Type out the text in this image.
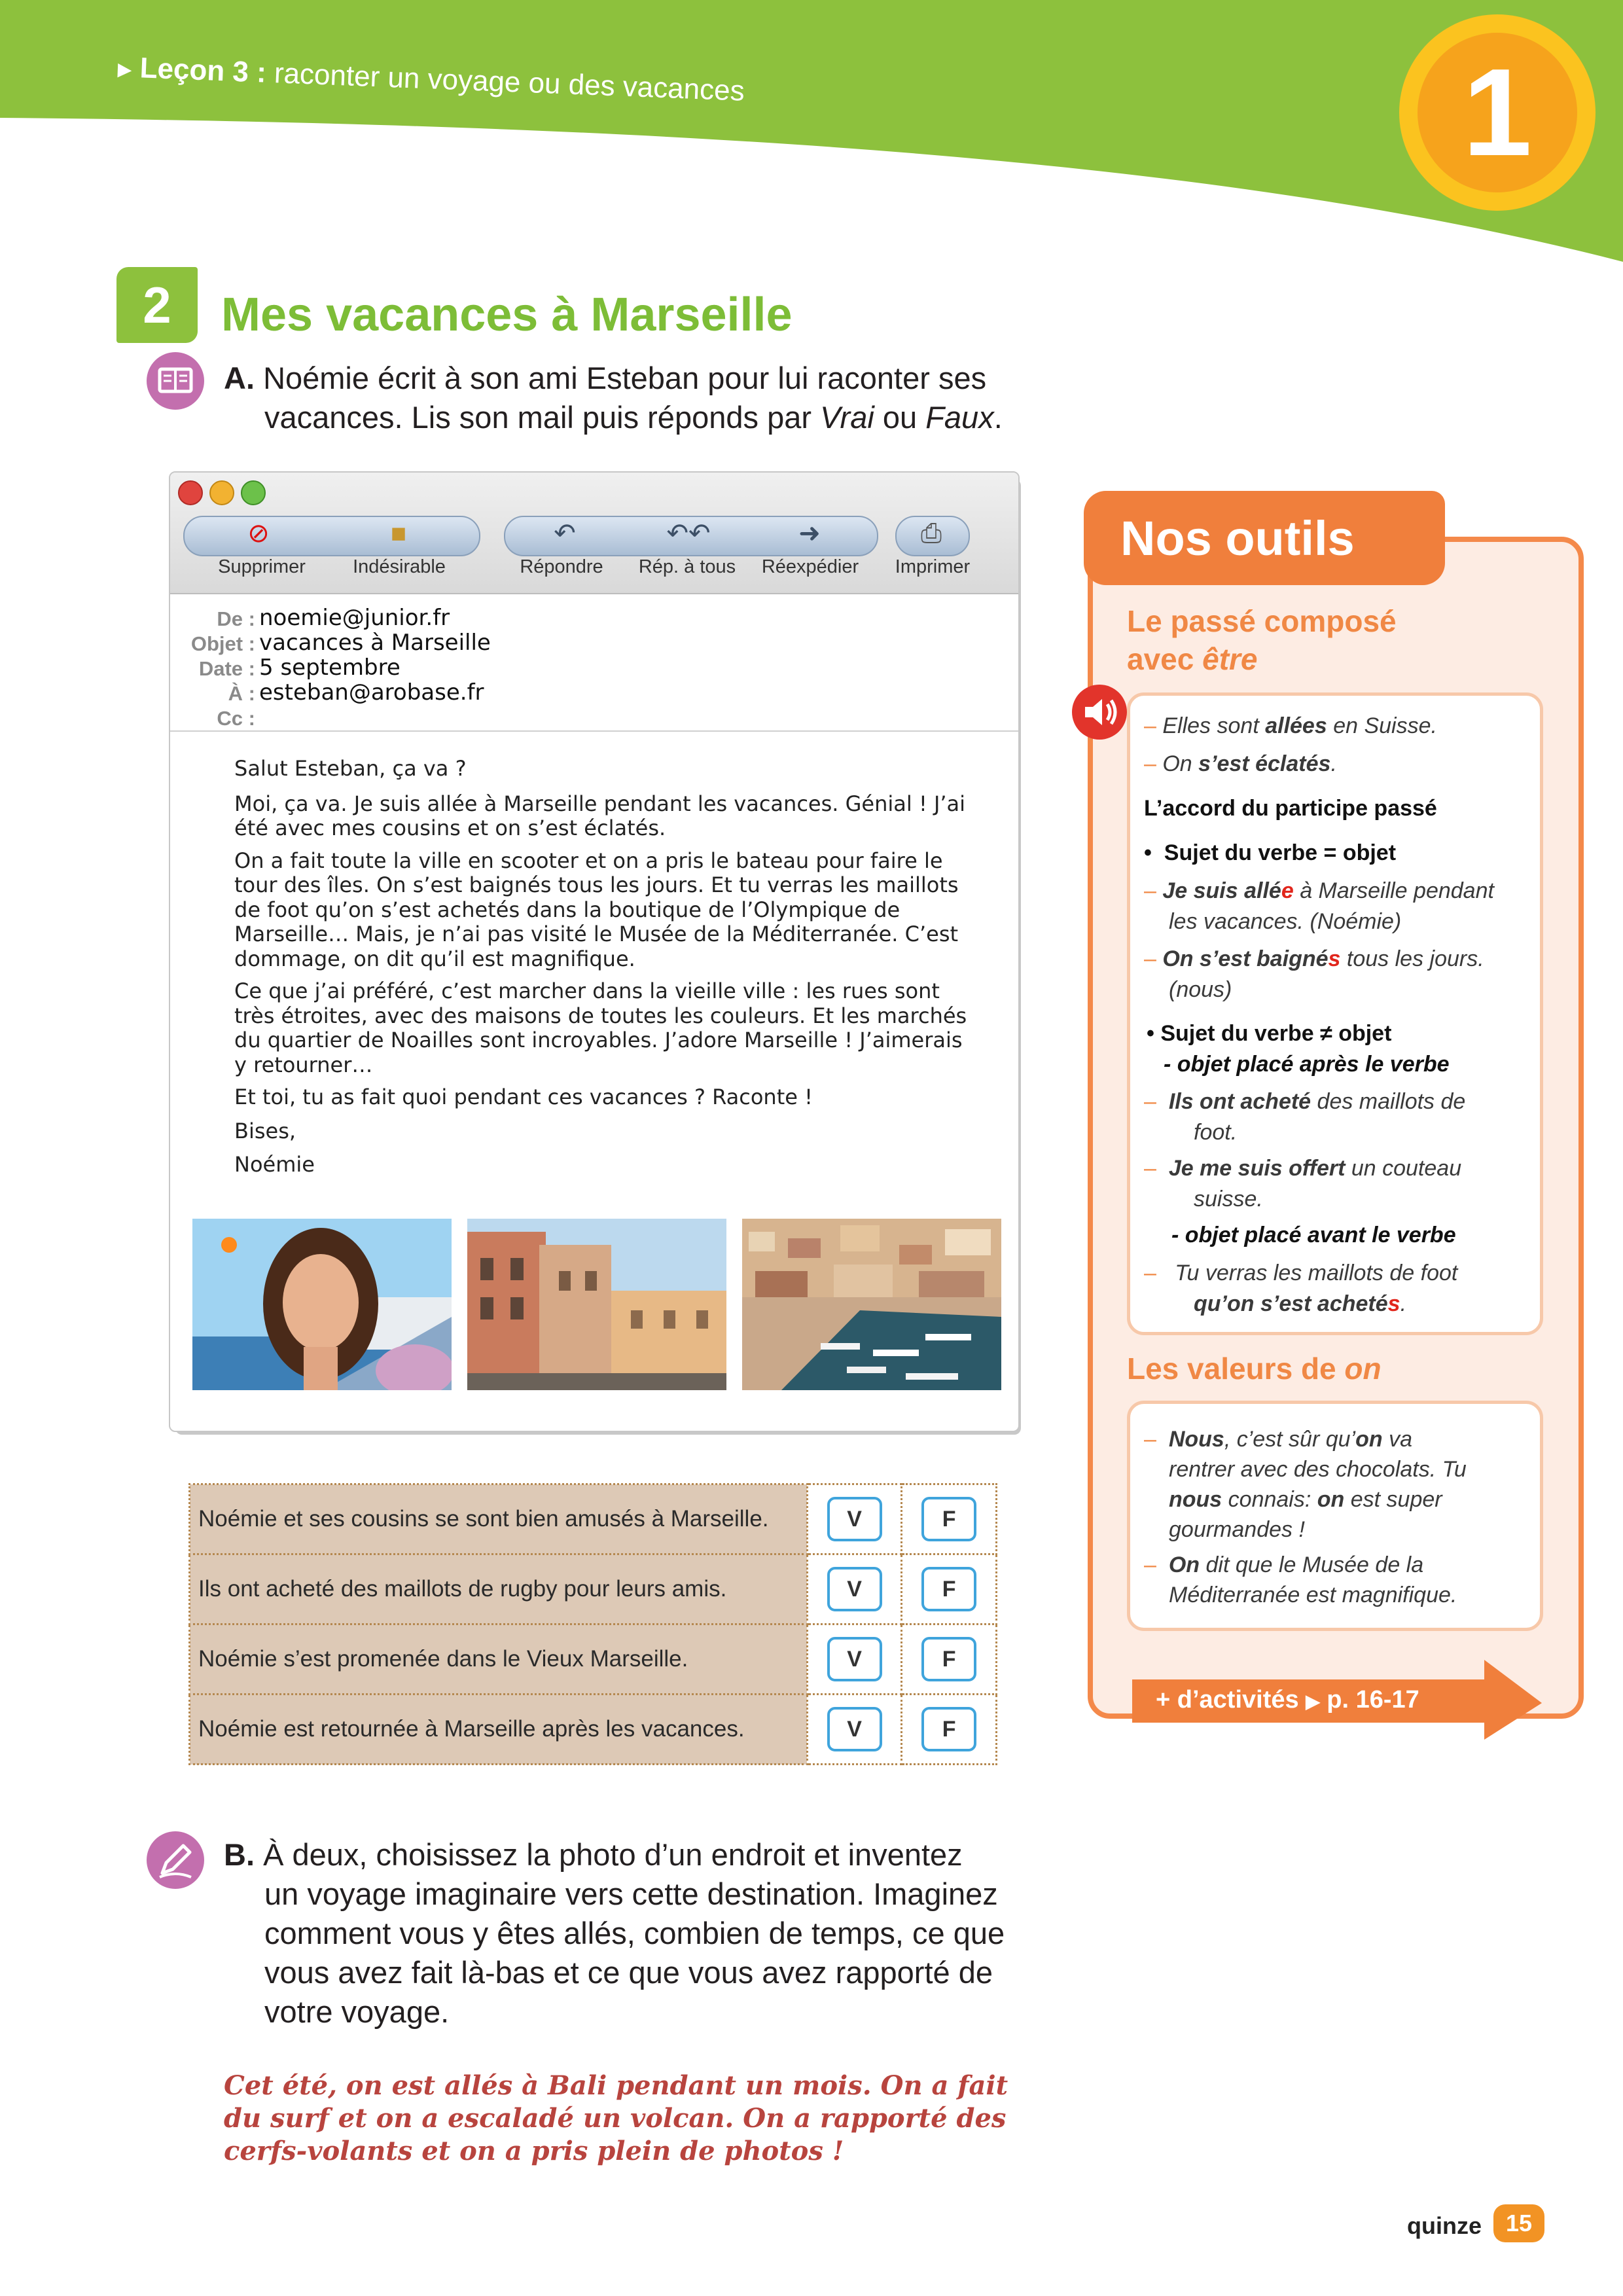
▶ Leçon 3 : raconter un voyage ou des vacances	1
2	Mes vacances à Marseille
A. Noémie écrit à son ami Esteban pour lui raconter ses
vacances. Lis son mail puis réponds par Vrai ou Faux.
⊘	■	↶	↶↶	➜	⎙
Supprimer	Indésirable	Répondre	Rép. à tous	Réexpédier	Imprimer
De : noemie@junior.fr
Objet : vacances à Marseille
Date : 5 septembre
À : esteban@arobase.fr
Cc :

Salut Esteban, ça va ?

Moi, ça va. Je suis allée à Marseille pendant les vacances. Génial ! J’ai été avec mes cousins et on s’est éclatés.

On a fait toute la ville en scooter et on a pris le bateau pour faire le tour des îles. On s’est baignés tous les jours. Et tu verras les maillots de foot qu’on s’est achetés dans la boutique de l’Olympique de Marseille… Mais, je n’ai pas visité le Musée de la Méditerranée. C’est dommage, on dit qu’il est magnifique.

Ce que j’ai préféré, c’est marcher dans la vieille ville : les rues sont très étroites, avec des maisons de toutes les couleurs. Et les marchés du quartier de Noailles sont incroyables. J’adore Marseille ! J’aimerais y retourner…

Et toi, tu as fait quoi pendant ces vacances ? Raconte !

Bises,

Noémie

Noémie et ses cousins se sont bien amusés à Marseille.	V	F
Ils ont acheté des maillots de rugby pour leurs amis.	V	F
Noémie s’est promenée dans le Vieux Marseille.	V	F
Noémie est retournée à Marseille après les vacances.	V	F
B. À deux, choisissez la photo d’un endroit et inventez
un voyage imaginaire vers cette destination. Imaginez
comment vous y êtes allés, combien de temps, ce que
vous avez fait là-bas et ce que vous avez rapporté de
votre voyage.
Cet été, on est allés à Bali pendant un mois. On a fait du surf et on a escaladé un volcan. On a rapporté des cerfs-volants et on a pris plein de photos !
Nos outils
Le passé composé
avec être
– Elles sont allées en Suisse.
– On s’est éclatés.
L’accord du participe passé
•  Sujet du verbe = objet
– Je suis allée à Marseille pendant
les vacances. (Noémie)
– On s’est baignés tous les jours.
(nous)
• Sujet du verbe ≠ objet
- objet placé après le verbe
–  Ils ont acheté des maillots de
foot.
–  Je me suis offert un couteau
suisse.
- objet placé avant le verbe
–   Tu verras les maillots de foot
qu’on s’est achetés.
Les valeurs de on
–  Nous, c’est sûr qu’on va
rentrer avec des chocolats. Tu
nous connais: on est super
gourmandes !
–  On dit que le Musée de la
Méditerranée est magnifique.
+ d’activités ▶ p. 16-17
quinze	15
